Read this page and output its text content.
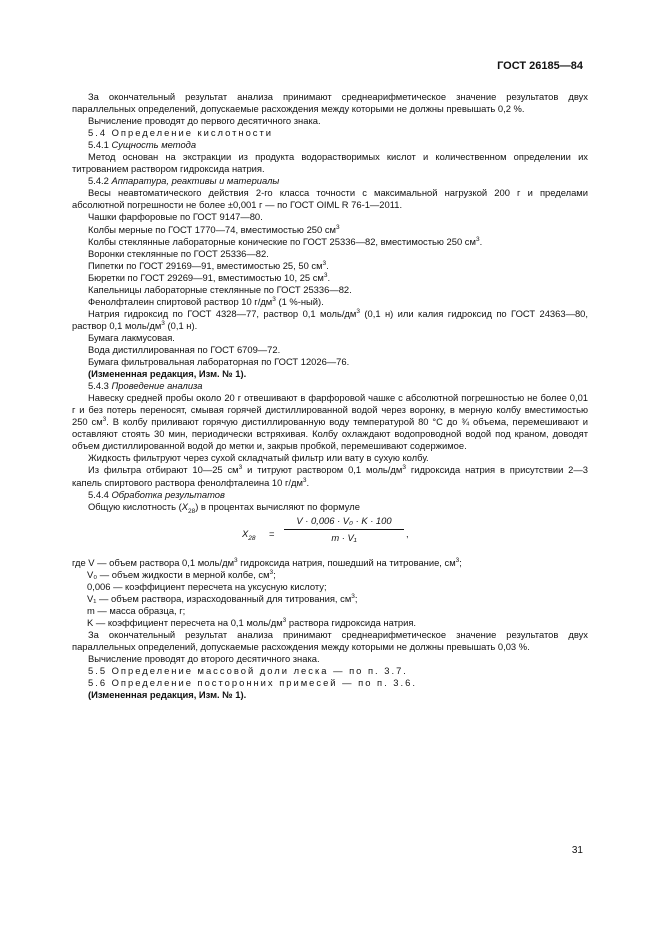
ГОСТ 26185—84

За окончательный результат анализа принимают среднеарифметическое значение результатов двух параллельных определений, допускаемые расхождения между которыми не должны превышать 0,2 %.

Вычисление проводят до первого десятичного знака.

5.4 Определение кислотности

5.4.1 Сущность метода

Метод основан на экстракции из продукта водорастворимых кислот и количественном определении их титрованием раствором гидроксида натрия.

5.4.2 Аппаратура, реактивы и материалы

Весы неавтоматического действия 2-го класса точности с максимальной нагрузкой 200 г и пределами абсолютной погрешности не более ±0,001 г — по ГОСТ OIML R 76-1—2011.

Чашки фарфоровые по ГОСТ 9147—80.

Колбы мерные по ГОСТ 1770—74, вместимостью 250 $см^3$

Колбы стеклянные лабораторные конические по ГОСТ 25336—82, вместимостью 250 $см^3$.

Воронки стеклянные по ГОСТ 25336—82.

Пипетки по ГОСТ 29169—91, вместимостью 25, 50 $см^3$.

Бюретки по ГОСТ 29269—91, вместимостью 10, 25 $см^3$.

Капельницы лабораторные стеклянные по ГОСТ 25336—82.

Фенолфталеин спиртовой раствор 10 $г/дм^3$ (1 %-ный).

Натрия гидроксид по ГОСТ 4328—77, раствор 0,1 моль/$дм^3$ (0,1 н) или калия гидроксид по ГОСТ 24363—80, раствор 0,1 моль/$дм^3$ (0,1 н).

Бумага лакмусовая.

Вода дистиллированная по ГОСТ 6709—72.

Бумага фильтровальная лабораторная по ГОСТ 12026—76.

(Измененная редакция, Изм. № 1).

5.4.3 Проведение анализа

Навеску средней пробы около 20 г отвешивают в фарфоровой чашке с абсолютной погрешностью не более 0,01 г и без потерь переносят, смывая горячей дистиллированной водой через воронку, в мерную колбу вместимостью 250 $см^3$. В колбу приливают горячую дистиллированную воду температурой 80 °С до ¾ объема, перемешивают и оставляют стоять 30 мин, периодически встряхивая. Колбу охлаждают водопроводной водой под краном, доводят объем дистиллированной водой до метки и, закрыв пробкой, перемешивают содержимое.

Жидкость фильтруют через сухой складчатый фильтр или вату в сухую колбу.

Из фильтра отбирают 10—25 $см^3$ и титруют раствором 0,1 моль/$дм^3$ гидроксида натрия в присутствии 2—3 капель спиртового раствора фенолфталеина 10 $г/дм^3$.

5.4.4 Обработка результатов

Общую кислотность $(X_{28})$ в процентах вычисляют по формуле

$X_{28} = \frac{\text{V · 0,006 · V₀ · K · 100}}{\text{m · V₁}}$ ,

где V — объем раствора 0,1 моль/$дм^3$ гидроксида натрия, пошедший на титрование, $см^3$;

V₀ — объем жидкости в мерной колбе, $см^3$;

0,006 — коэффициент пересчета на уксусную кислоту;

V₁ — объем раствора, израсходованный для титрования, $см^3$;

m — масса образца, г;

K — коэффициент пересчета на 0,1 моль/$дм^3$ раствора гидроксида натрия.

За окончательный результат анализа принимают среднеарифметическое значение результатов двух параллельных определений, допускаемые расхождения между которыми не должны превышать 0,03 %.

Вычисление проводят до второго десятичного знака.

5.5 Определение массовой доли леска — по п. 3.7.

5.6 Определение посторонних примесей — по п. 3.6.

(Измененная редакция, Изм. № 1).

31
